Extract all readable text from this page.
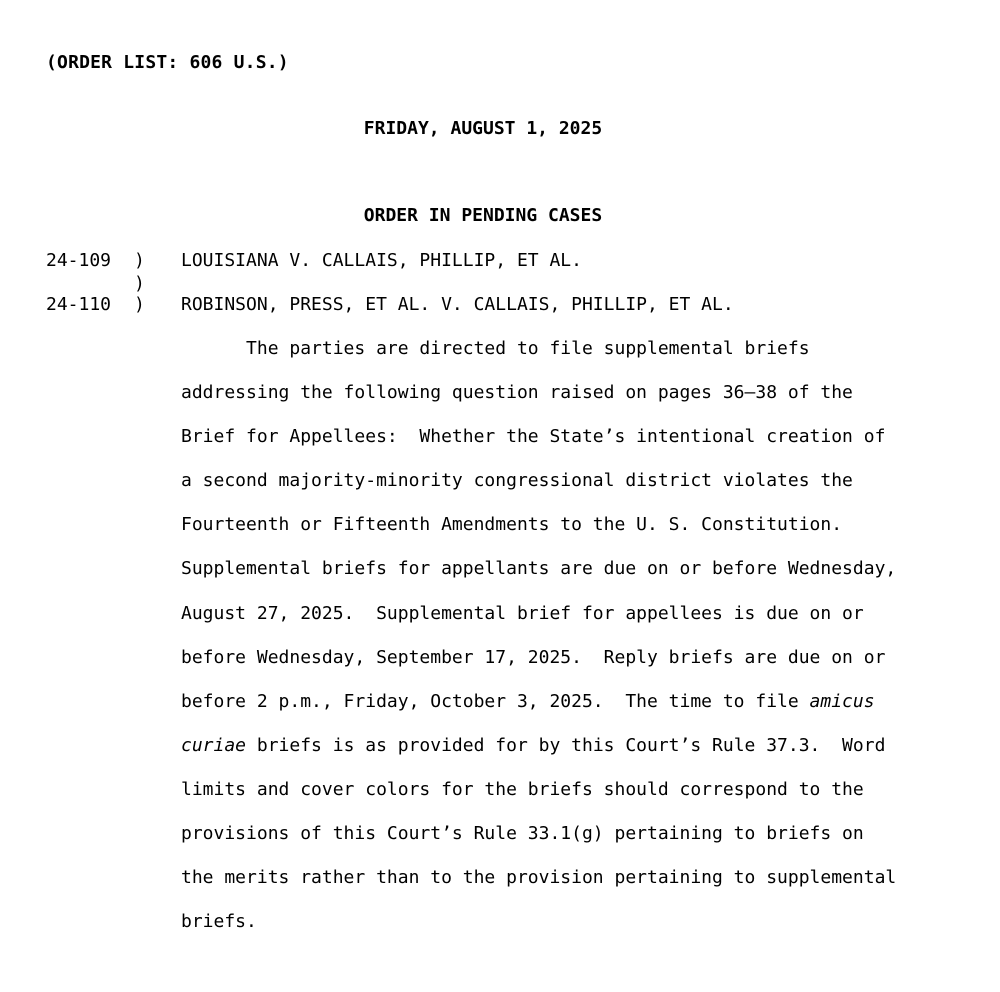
(ORDER LIST: 606 U.S.)
FRIDAY, AUGUST 1, 2025
ORDER IN PENDING CASES
24-109 ) LOUISIANA V. CALLAIS, PHILLIP, ET AL.
)
24-110 ) ROBINSON, PRESS, ET AL. V. CALLAIS, PHILLIP, ET AL.
The parties are directed to file supplemental briefs
addressing the following question raised on pages 36–38 of the
Brief for Appellees:  Whether the State’s intentional creation of
a second majority-minority congressional district violates the
Fourteenth or Fifteenth Amendments to the U. S. Constitution.
Supplemental briefs for appellants are due on or before Wednesday,
August 27, 2025.  Supplemental brief for appellees is due on or
before Wednesday, September 17, 2025.  Reply briefs are due on or
before 2 p.m., Friday, October 3, 2025.  The time to file amicus
curiae briefs is as provided for by this Court’s Rule 37.3.  Word
limits and cover colors for the briefs should correspond to the
provisions of this Court’s Rule 33.1(g) pertaining to briefs on
the merits rather than to the provision pertaining to supplemental
briefs.
